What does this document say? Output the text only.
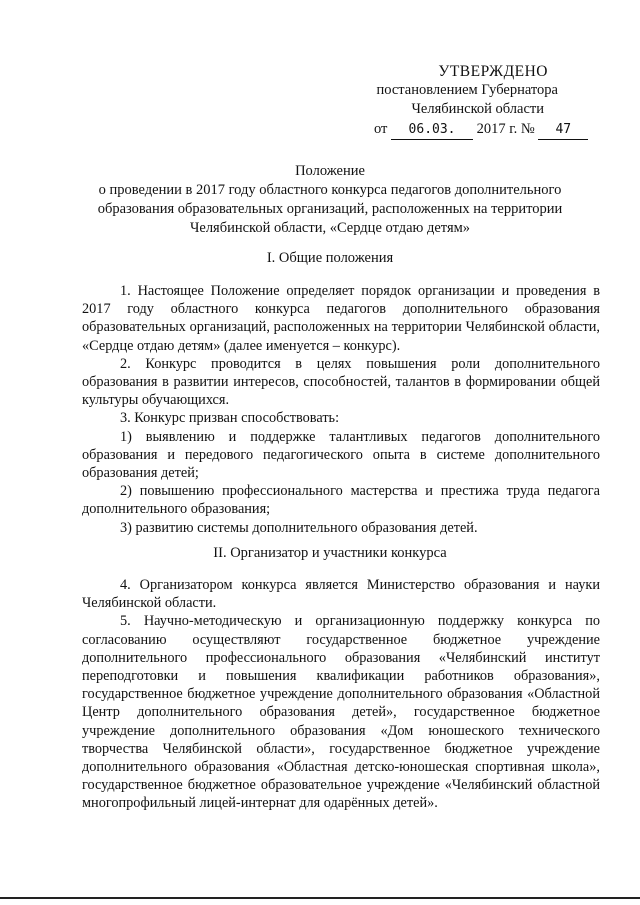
УТВЕРЖДЕНО
постановлением Губернатора
Челябинской области
от 06.03. 2017 г. № 47
Положение
о проведении в 2017 году областного конкурса педагогов дополнительного
образования образовательных организаций, расположенных на территории
Челябинской области, «Сердце отдаю детям»
I. Общие положения

1. Настоящее Положение определяет порядок организации и проведения в 2017 году областного конкурса педагогов дополнительного образования образовательных организаций, расположенных на территории Челябинской области, «Сердце отдаю детям» (далее именуется – конкурс).

2. Конкурс проводится в целях повышения роли дополнительного образования в развитии интересов, способностей, талантов в формировании общей культуры обучающихся.

3. Конкурс призван способствовать:

1) выявлению и поддержке талантливых педагогов дополнительного образования и передового педагогического опыта в системе дополнительного образования детей;

2) повышению профессионального мастерства и престижа труда педагога дополнительного образования;

3) развитию системы дополнительного образования детей.

II. Организатор и участники конкурса

4. Организатором конкурса является Министерство образования и науки Челябинской области.

5. Научно-методическую и организационную поддержку конкурса по согласованию осуществляют государственное бюджетное учреждение дополнительного профессионального образования «Челябинский институт переподготовки и повышения квалификации работников образования», государственное бюджетное учреждение дополнительного образования «Областной Центр дополнительного образования детей», государственное бюджетное учреждение дополнительного образования «Дом юношеского технического творчества Челябинской области», государственное бюджетное учреждение дополнительного образования «Областная детско-юношеская спортивная школа», государственное бюджетное образовательное учреждение «Челябинский областной многопрофильный лицей-интернат для одарённых детей».
